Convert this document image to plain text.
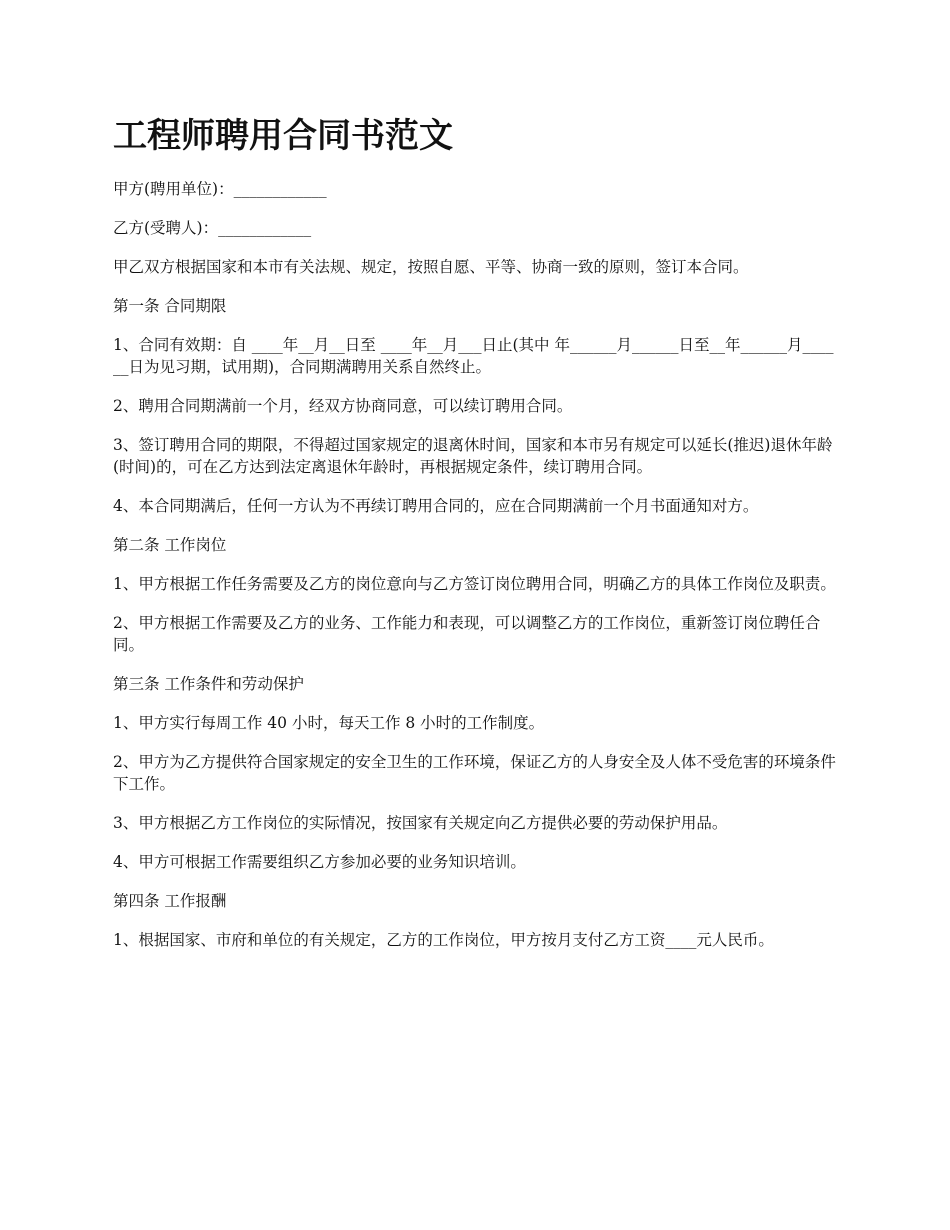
工程师聘用合同书范文

甲方(聘用单位)：____________

乙方(受聘人)：____________

甲乙双方根据国家和本市有关法规、规定，按照自愿、平等、协商一致的原则，签订本合同。

第一条 合同期限

1、合同有效期：自 ____年__月__日至 ____年__月___日止(其中 年______月______日至__年______月______日为见习期，试用期)，合同期满聘用关系自然终止。

2、聘用合同期满前一个月，经双方协商同意，可以续订聘用合同。

3、签订聘用合同的期限，不得超过国家规定的退离休时间，国家和本市另有规定可以延长(推迟)退休年龄(时间)的，可在乙方达到法定离退休年龄时，再根据规定条件，续订聘用合同。

4、本合同期满后，任何一方认为不再续订聘用合同的，应在合同期满前一个月书面通知对方。

第二条 工作岗位

1、甲方根据工作任务需要及乙方的岗位意向与乙方签订岗位聘用合同，明确乙方的具体工作岗位及职责。

2、甲方根据工作需要及乙方的业务、工作能力和表现，可以调整乙方的工作岗位，重新签订岗位聘任合同。

第三条 工作条件和劳动保护

1、甲方实行每周工作 40 小时，每天工作 8 小时的工作制度。

2、甲方为乙方提供符合国家规定的安全卫生的工作环境，保证乙方的人身安全及人体不受危害的环境条件下工作。

3、甲方根据乙方工作岗位的实际情况，按国家有关规定向乙方提供必要的劳动保护用品。

4、甲方可根据工作需要组织乙方参加必要的业务知识培训。

第四条 工作报酬

1、根据国家、市府和单位的有关规定，乙方的工作岗位，甲方按月支付乙方工资____元人民币。
